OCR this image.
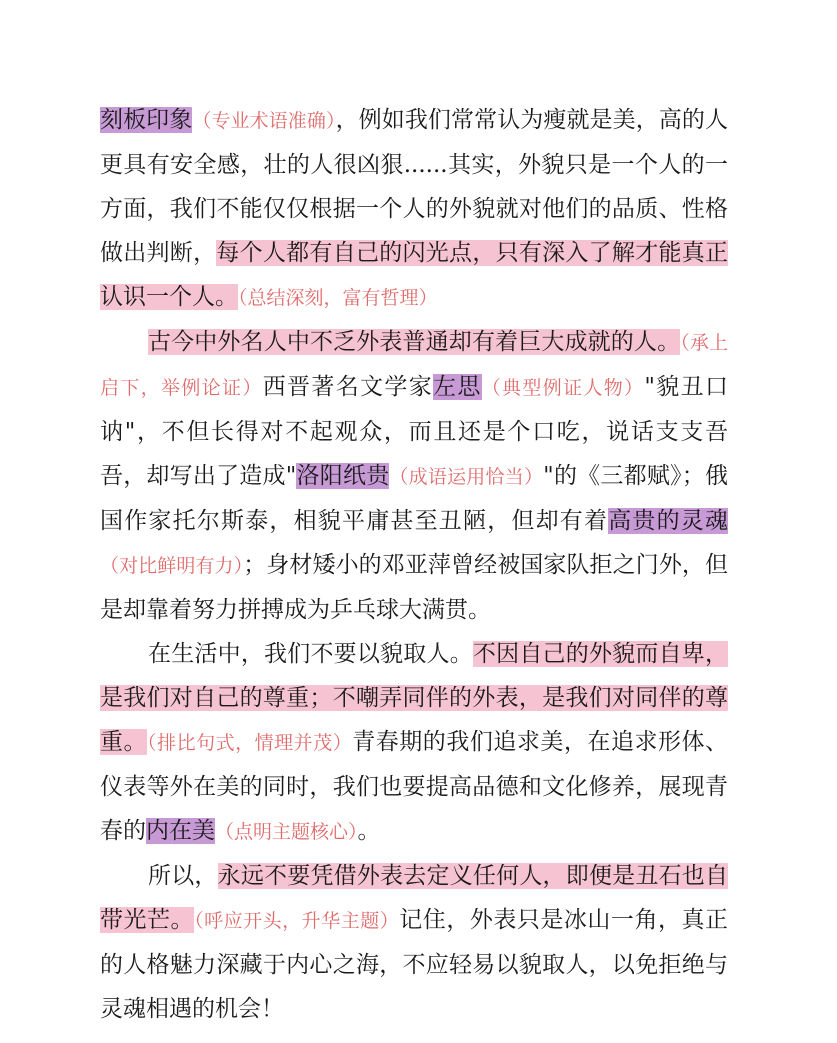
刻板印象（专业术语准确），例如我们常常认为瘦就是美，高的人更具有安全感，壮的人很凶狠......其实，外貌只是一个人的一方面，我们不能仅仅根据一个人的外貌就对他们的品质、性格做出判断，每个人都有自己的闪光点，只有深入了解才能真正认识一个人。（总结深刻，富有哲理）

古今中外名人中不乏外表普通却有着巨大成就的人。（承上启下，举例论证）西晋著名文学家左思（典型例证人物）"貌丑口讷"，不但长得对不起观众，而且还是个口吃，说话支支吾吾，却写出了造成"洛阳纸贵（成语运用恰当）"的《三都赋》；俄国作家托尔斯泰，相貌平庸甚至丑陋，但却有着高贵的灵魂（对比鲜明有力）；身材矮小的邓亚萍曾经被国家队拒之门外，但是却靠着努力拼搏成为乒乓球大满贯。

在生活中，我们不要以貌取人。不因自己的外貌而自卑，是我们对自己的尊重；不嘲弄同伴的外表，是我们对同伴的尊重。（排比句式，情理并茂）青春期的我们追求美，在追求形体、仪表等外在美的同时，我们也要提高品德和文化修养，展现青春的内在美（点明主题核心）。

所以，永远不要凭借外表去定义任何人，即便是丑石也自带光芒。（呼应开头，升华主题）记住，外表只是冰山一角，真正的人格魅力深藏于内心之海，不应轻易以貌取人，以免拒绝与灵魂相遇的机会！
